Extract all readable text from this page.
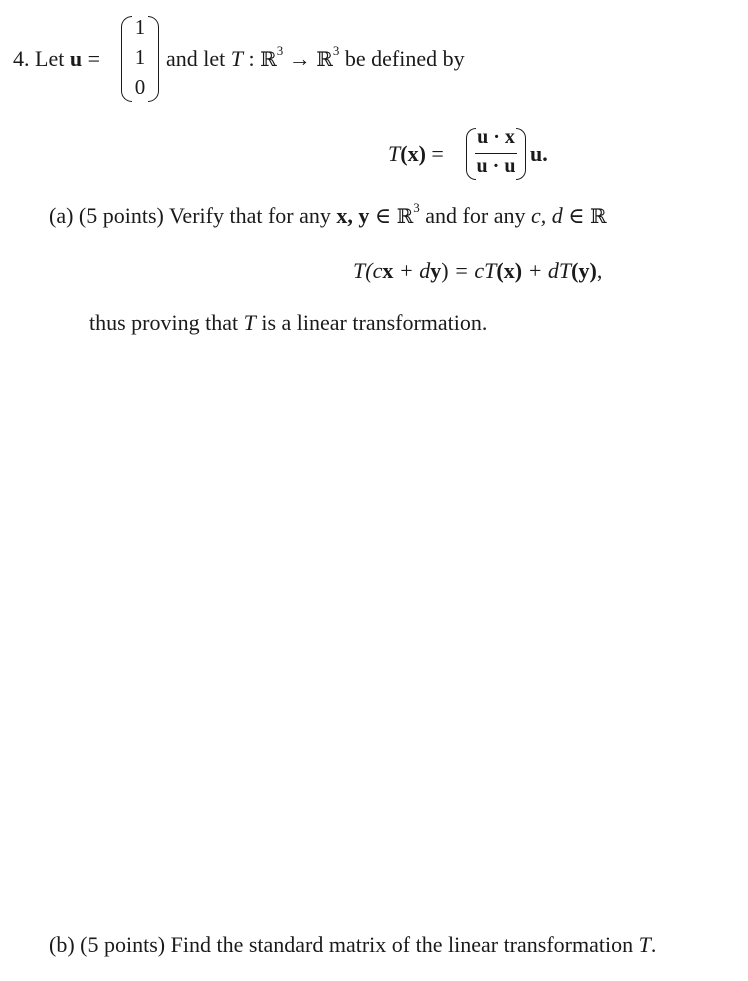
4. Let u =
1
1
0
and let T : ℝ$^3$ → ℝ$^3$ be defined by
T(x) =
u · x
u · u u.
(a) (5 points) Verify that for any x, y ∈ ℝ$^3$ and for any c, d ∈ ℝ
T(cx + dy) = cT(x) + dT(y),
thus proving that T is a linear transformation.
(b) (5 points) Find the standard matrix of the linear transformation T.
